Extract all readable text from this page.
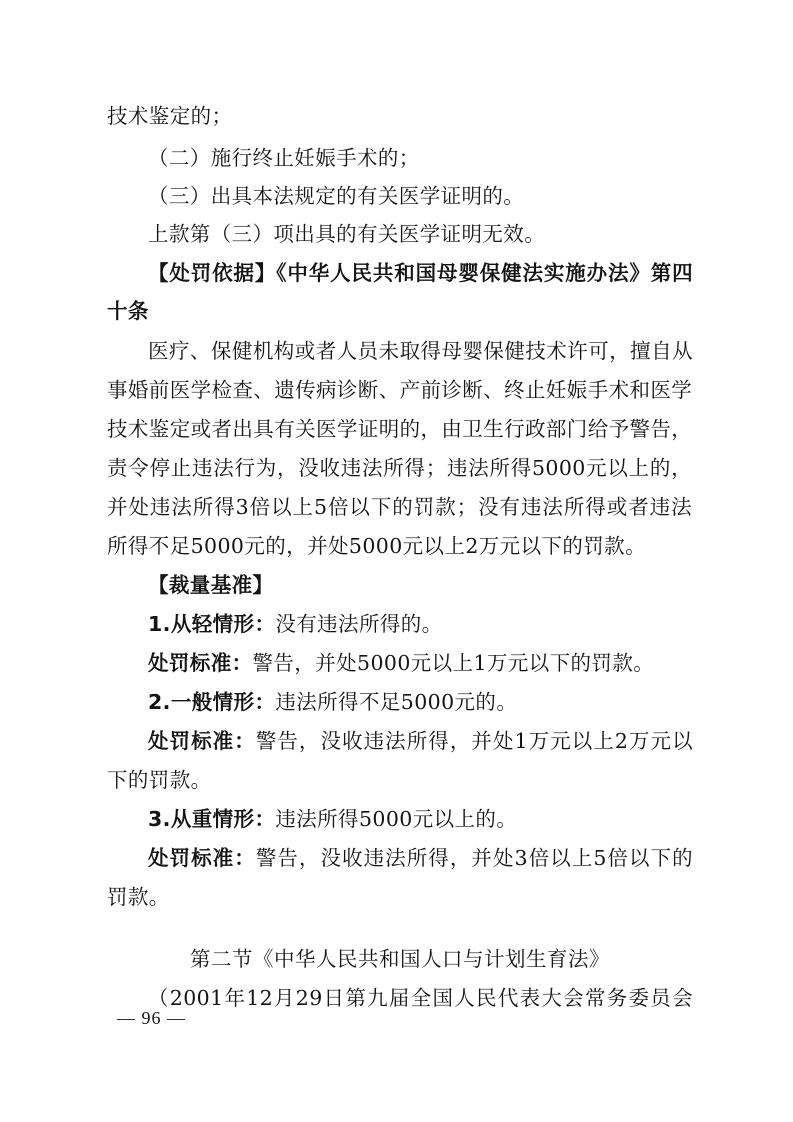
技术鉴定的；
（二）施行终止妊娠手术的；
（三）出具本法规定的有关医学证明的。
上款第（三）项出具的有关医学证明无效。
【处罚依据】《中华人民共和国母婴保健法实施办法》第四
十条
医疗、保健机构或者人员未取得母婴保健技术许可，擅自从
事婚前医学检查、遗传病诊断、产前诊断、终止妊娠手术和医学
技术鉴定或者出具有关医学证明的，由卫生行政部门给予警告，
责令停止违法行为，没收违法所得；违法所得5000元以上的，
并处违法所得3倍以上5倍以下的罚款；没有违法所得或者违法
所得不足5000元的，并处5000元以上2万元以下的罚款。
【裁量基准】
1.从轻情形：没有违法所得的。
处罚标准：警告，并处5000元以上1万元以下的罚款。
2.一般情形：违法所得不足5000元的。
处罚标准：警告，没收违法所得，并处1万元以上2万元以
下的罚款。
3.从重情形：违法所得5000元以上的。
处罚标准：警告，没收违法所得，并处3倍以上5倍以下的
罚款。
第二节《中华人民共和国人口与计划生育法》
（2001年12月29日第九届全国人民代表大会常务委员会
— 96 —
